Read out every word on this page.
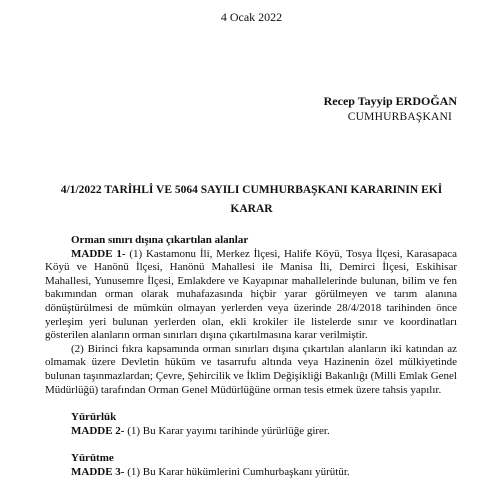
4 Ocak 2022
Recep Tayyip ERDOĞAN
CUMHURBAŞKANI
4/1/2022 TARİHLİ VE 5064 SAYILI CUMHURBAŞKANI KARARININ EKİ
KARAR
Orman sınırı dışına çıkartılan alanlar

MADDE 1- (1) Kastamonu İli, Merkez İlçesi, Halife Köyü, Tosya İlçesi, Karasapaca Köyü ve Hanönü İlçesi, Hanönü Mahallesi ile Manisa İli, Demirci İlçesi, Eskihisar Mahallesi, Yunusemre İlçesi, Emlakdere ve Kayapınar mahallelerinde bulunan, bilim ve fen bakımından orman olarak muhafazasında hiçbir yarar görülmeyen ve tarım alanına dönüştürülmesi de mümkün olmayan yerlerden veya üzerinde 28/4/2018 tarihinden önce yerleşim yeri bulunan yerlerden olan, ekli krokiler ile listelerde sınır ve koordinatları gösterilen alanların orman sınırları dışına çıkartılmasına karar verilmiştir.

(2) Birinci fıkra kapsamında orman sınırları dışına çıkartılan alanların iki katından az olmamak üzere Devletin hüküm ve tasarrufu altında veya Hazinenin özel mülkiyetinde bulunan taşınmazlardan; Çevre, Şehircilik ve İklim Değişikliği Bakanlığı (Milli Emlak Genel Müdürlüğü) tarafından Orman Genel Müdürlüğüne orman tesis etmek üzere tahsis yapılır.

Yürürlük

MADDE 2- (1) Bu Karar yayımı tarihinde yürürlüğe girer.

Yürütme

MADDE 3- (1) Bu Karar hükümlerini Cumhurbaşkanı yürütür.
